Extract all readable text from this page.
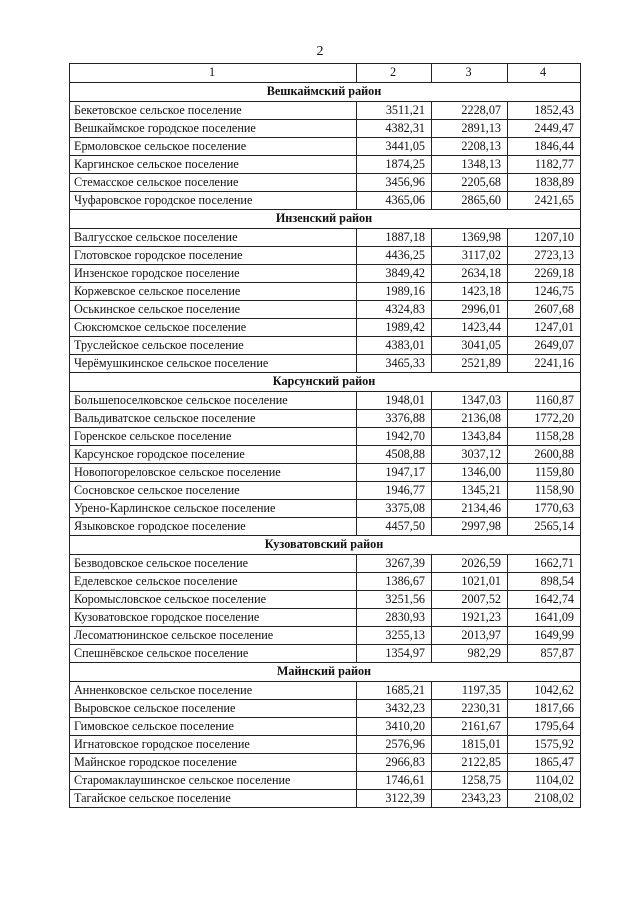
2
1	2	3	4
Вешкаймский район			
Бекетовское сельское поселение	3511,21	2228,07	1852,43
Вешкаймское городское поселение	4382,31	2891,13	2449,47
Ермоловское сельское поселение	3441,05	2208,13	1846,44
Каргинское сельское поселение	1874,25	1348,13	1182,77
Стемасское сельское поселение	3456,96	2205,68	1838,89
Чуфаровское городское поселение	4365,06	2865,60	2421,65
Инзенский район			
Валгусское сельское поселение	1887,18	1369,98	1207,10
Глотовское городское поселение	4436,25	3117,02	2723,13
Инзенское городское поселение	3849,42	2634,18	2269,18
Коржевское сельское поселение	1989,16	1423,18	1246,75
Оськинское сельское поселение	4324,83	2996,01	2607,68
Сюксюмское сельское поселение	1989,42	1423,44	1247,01
Труслейское сельское поселение	4383,01	3041,05	2649,07
Черёмушкинское сельское поселение	3465,33	2521,89	2241,16
Карсунский район			
Большепоселковское сельское поселение	1948,01	1347,03	1160,87
Вальдиватское сельское поселение	3376,88	2136,08	1772,20
Горенское сельское поселение	1942,70	1343,84	1158,28
Карсунское городское поселение	4508,88	3037,12	2600,88
Новопогореловское сельское поселение	1947,17	1346,00	1159,80
Сосновское сельское поселение	1946,77	1345,21	1158,90
Урено-Карлинское сельское поселение	3375,08	2134,46	1770,63
Языковское городское поселение	4457,50	2997,98	2565,14
Кузоватовский район			
Безводовское сельское поселение	3267,39	2026,59	1662,71
Еделевское сельское поселение	1386,67	1021,01	898,54
Коромысловское сельское поселение	3251,56	2007,52	1642,74
Кузоватовское городское поселение	2830,93	1921,23	1641,09
Лесоматюнинское сельское поселение	3255,13	2013,97	1649,99
Спешнёвское сельское поселение	1354,97	982,29	857,87
Майнский район			
Анненковское сельское поселение	1685,21	1197,35	1042,62
Выровское сельское поселение	3432,23	2230,31	1817,66
Гимовское сельское поселение	3410,20	2161,67	1795,64
Игнатовское городское поселение	2576,96	1815,01	1575,92
Майнское городское поселение	2966,83	2122,85	1865,47
Старомаклаушинское сельское поселение	1746,61	1258,75	1104,02
Тагайское сельское поселение	3122,39	2343,23	2108,02
